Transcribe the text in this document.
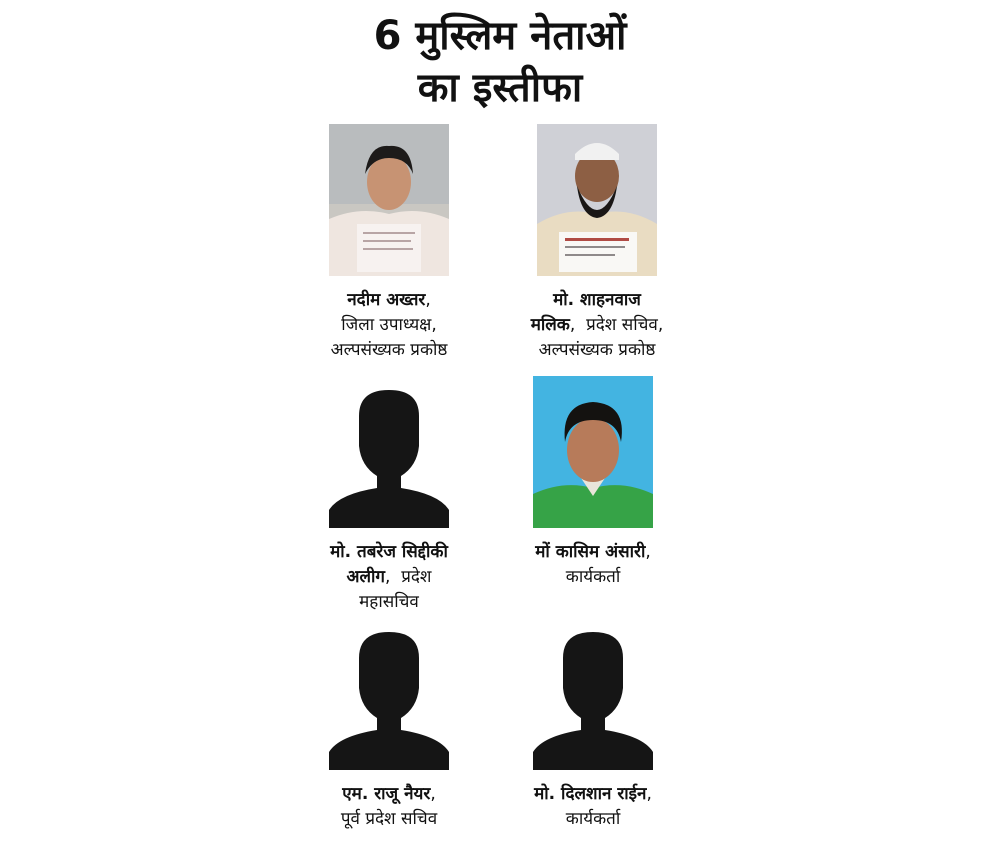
6 मुस्लिम नेताओं
का इस्तीफा
नदीम अख्तर,
जिला उपाध्यक्ष,
अल्पसंख्यक प्रकोष्ठ
मो. शाहनवाज
मलिक,  प्रदेश सचिव,
अल्पसंख्यक प्रकोष्ठ
मो. तबरेज सिद्दीकी
अलीग,  प्रदेश
महासचिव
मों कासिम अंसारी,
कार्यकर्ता
एम. राजू नैयर,
पूर्व प्रदेश सचिव
मो. दिलशान राईन,
कार्यकर्ता
